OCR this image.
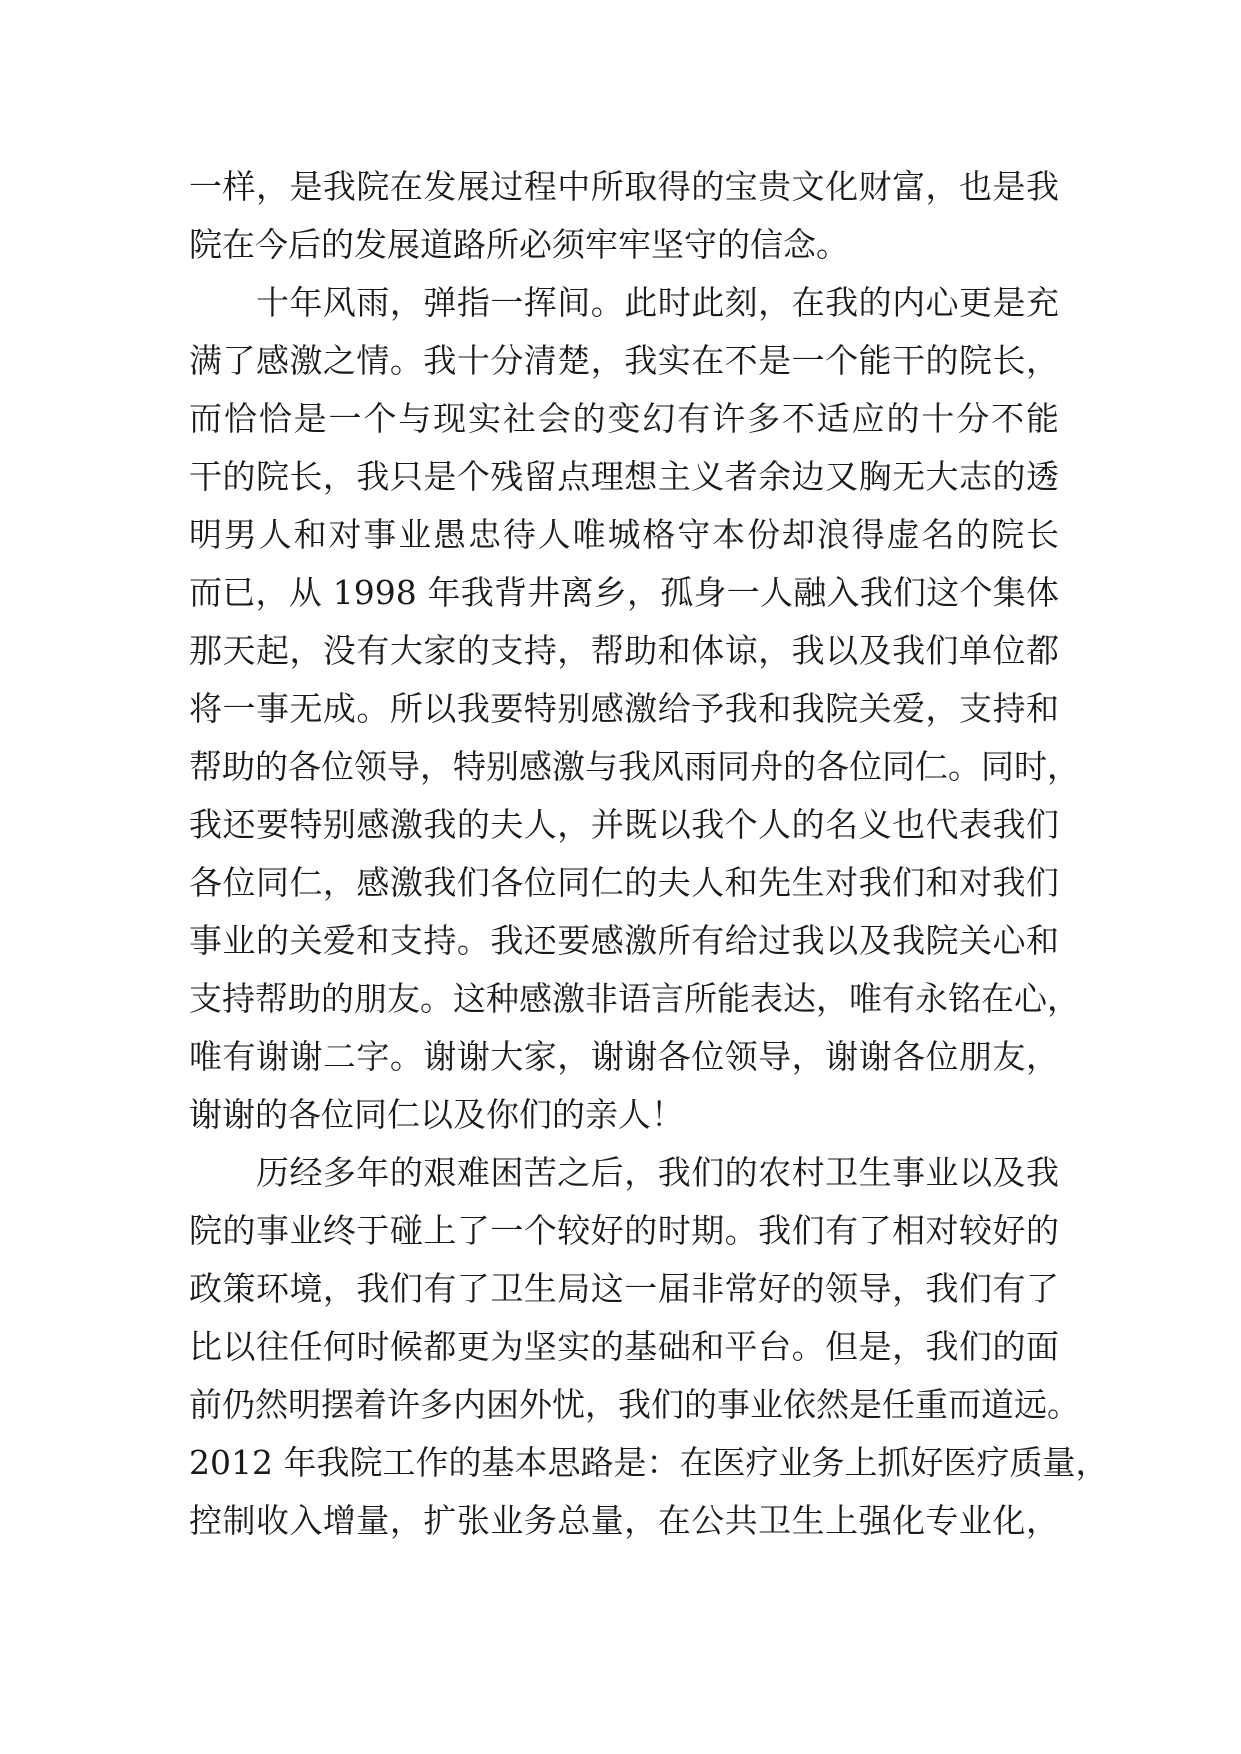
一样，是我院在发展过程中所取得的宝贵文化财富，也是我
院在今后的发展道路所必须牢牢坚守的信念。
　　十年风雨，弹指一挥间。此时此刻，在我的内心更是充
满了感激之情。我十分清楚，我实在不是一个能干的院长，
而恰恰是一个与现实社会的变幻有许多不适应的十分不能
干的院长，我只是个残留点理想主义者余边又胸无大志的透
明男人和对事业愚忠待人唯城格守本份却浪得虚名的院长
而已，从 1998 年我背井离乡，孤身一人融入我们这个集体
那天起，没有大家的支持，帮助和体谅，我以及我们单位都
将一事无成。所以我要特别感激给予我和我院关爱，支持和
帮助的各位领导，特别感激与我风雨同舟的各位同仁。同时，
我还要特别感激我的夫人，并既以我个人的名义也代表我们
各位同仁，感激我们各位同仁的夫人和先生对我们和对我们
事业的关爱和支持。我还要感激所有给过我以及我院关心和
支持帮助的朋友。这种感激非语言所能表达，唯有永铭在心，
唯有谢谢二字。谢谢大家，谢谢各位领导，谢谢各位朋友，
谢谢的各位同仁以及你们的亲人！
　　历经多年的艰难困苦之后，我们的农村卫生事业以及我
院的事业终于碰上了一个较好的时期。我们有了相对较好的
政策环境，我们有了卫生局这一届非常好的领导，我们有了
比以往任何时候都更为坚实的基础和平台。但是，我们的面
前仍然明摆着许多内困外忧，我们的事业依然是任重而道远。
2012 年我院工作的基本思路是：在医疗业务上抓好医疗质量，
控制收入增量，扩张业务总量，在公共卫生上强化专业化，
